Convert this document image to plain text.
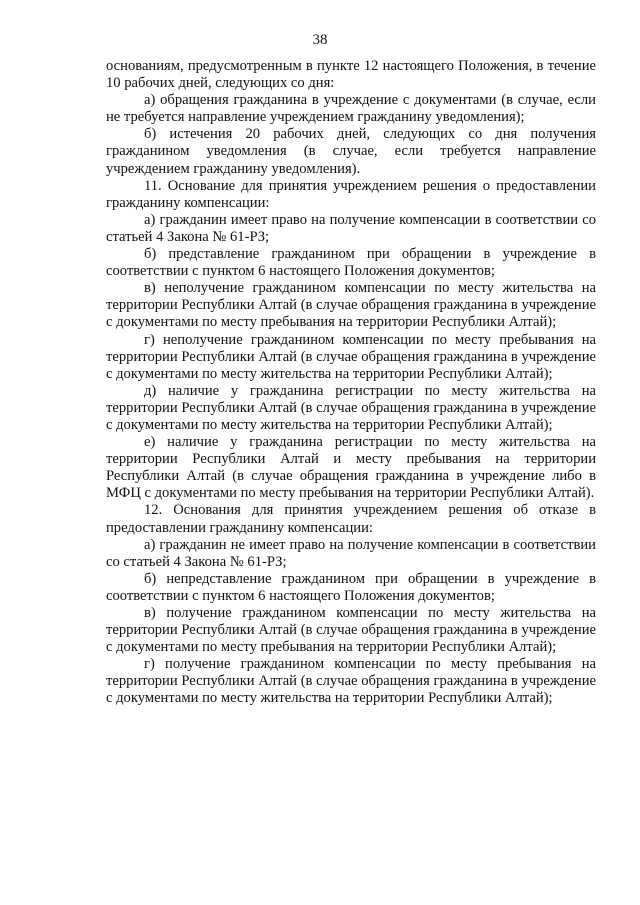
38

основаниям, предусмотренным в пункте 12 настоящего Положения, в течение 10 рабочих дней, следующих со дня:

а) обращения гражданина в учреждение с документами (в случае, если не требуется направление учреждением гражданину уведомления);

б) истечения 20 рабочих дней, следующих со дня получения гражданином уведомления (в случае, если требуется направление учреждением гражданину уведомления).

11. Основание для принятия учреждением решения о предоставлении гражданину компенсации:

а) гражданин имеет право на получение компенсации в соответствии со статьей 4 Закона № 61-РЗ;

б) представление гражданином при обращении в учреждение в соответствии с пунктом 6 настоящего Положения документов;

в) неполучение гражданином компенсации по месту жительства на территории Республики Алтай (в случае обращения гражданина в учреждение с документами по месту пребывания на территории Республики Алтай);

г) неполучение гражданином компенсации по месту пребывания на территории Республики Алтай (в случае обращения гражданина в учреждение с документами по месту жительства на территории Республики Алтай);

д) наличие у гражданина регистрации по месту жительства на территории Республики Алтай (в случае обращения гражданина в учреждение с документами по месту жительства на территории Республики Алтай);

е) наличие у гражданина регистрации по месту жительства на территории Республики Алтай и месту пребывания на территории Республики Алтай (в случае обращения гражданина в учреждение либо в МФЦ с документами по месту пребывания на территории Республики Алтай).

12. Основания для принятия учреждением решения об отказе в предоставлении гражданину компенсации:

а) гражданин не имеет право на получение компенсации в соответствии со статьей 4 Закона № 61-РЗ;

б) непредставление гражданином при обращении в учреждение в соответствии с пунктом 6 настоящего Положения документов;

в) получение гражданином компенсации по месту жительства на территории Республики Алтай (в случае обращения гражданина в учреждение с документами по месту пребывания на территории Республики Алтай);

г) получение гражданином компенсации по месту пребывания на территории Республики Алтай (в случае обращения гражданина в учреждение с документами по месту жительства на территории Республики Алтай);
